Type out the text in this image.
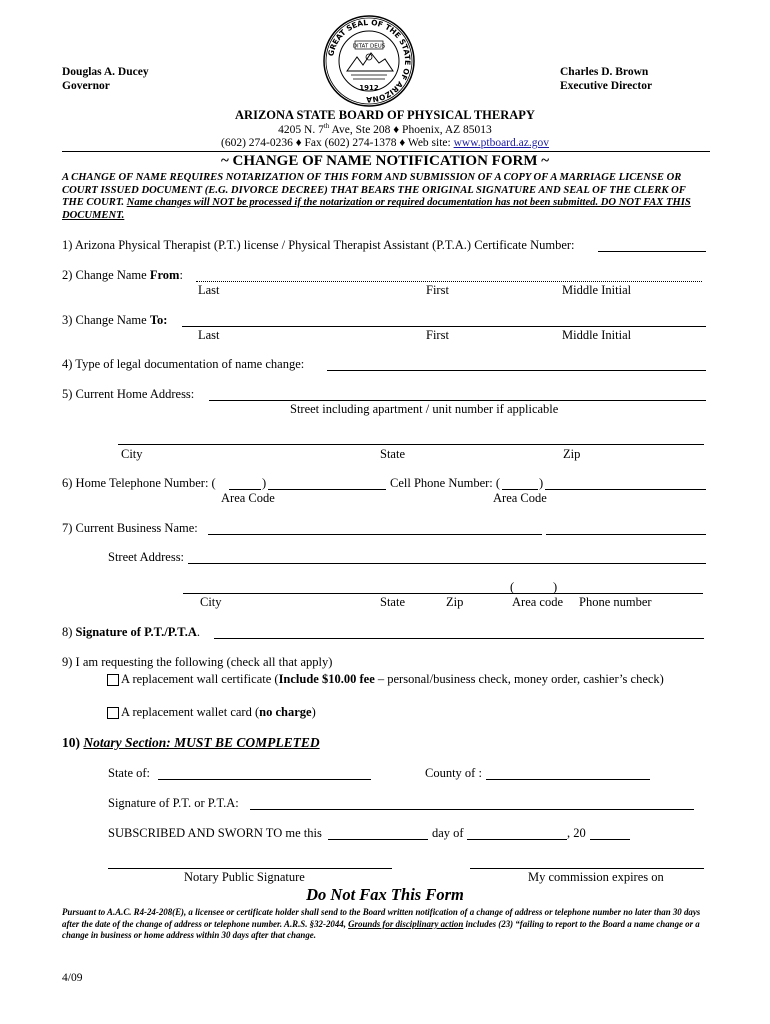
Douglas A. Ducey
Governor
Charles D. Brown
Executive Director
GREAT SEAL OF THE STATE OF ARIZONA
DITAT DEUS
1912
ARIZONA STATE BOARD OF PHYSICAL THERAPY
4205 N. 7th Ave, Ste 208 ♦ Phoenix, AZ 85013
(602) 274-0236 ♦ Fax (602) 274-1378 ♦ Web site: www.ptboard.az.gov
~ CHANGE OF NAME NOTIFICATION FORM ~
A CHANGE OF NAME REQUIRES NOTARIZATION OF THIS FORM AND SUBMISSION OF A COPY OF A MARRIAGE LICENSE OR COURT ISSUED DOCUMENT (E.G. DIVORCE DECREE) THAT BEARS THE ORIGINAL SIGNATURE AND SEAL OF THE CLERK OF THE COURT. Name changes will NOT be processed if the notarization or required documentation has not been submitted. DO NOT FAX THIS DOCUMENT.
1) Arizona Physical Therapist (P.T.) license / Physical Therapist Assistant (P.T.A.) Certificate Number:
2) Change Name From:
Last	First	Middle Initial
3) Change Name To:
Last	First	Middle Initial
4) Type of legal documentation of name change:
5) Current Home Address:
Street including apartment / unit number if applicable
City	State	Zip
6) Home Telephone Number: (	)	Cell Phone Number: (	)
Area Code	Area Code
7) Current Business Name:
Street Address:
(	)
City	State	Zip	Area code Phone number
8) Signature of P.T./P.T.A.
9) I am requesting the following (check all that apply)
A replacement wall certificate (Include $10.00 fee – personal/business check, money order, cashier’s check)
A replacement wallet card (no charge)
10) Notary Section: MUST BE COMPLETED
State of:	County of :
Signature of P.T. or P.T.A:
SUBSCRIBED AND SWORN TO me this	day of	, 20
Notary Public Signature	My commission expires on
Do Not Fax This Form
Pursuant to A.A.C. R4-24-208(E), a licensee or certificate holder shall send to the Board written notification of a change of address or telephone number no later than 30 days after the date of the change of address or telephone number. A.R.S. §32-2044, Grounds for disciplinary action includes (23) “failing to report to the Board a name change or a change in business or home address within 30 days after that change.
4/09
